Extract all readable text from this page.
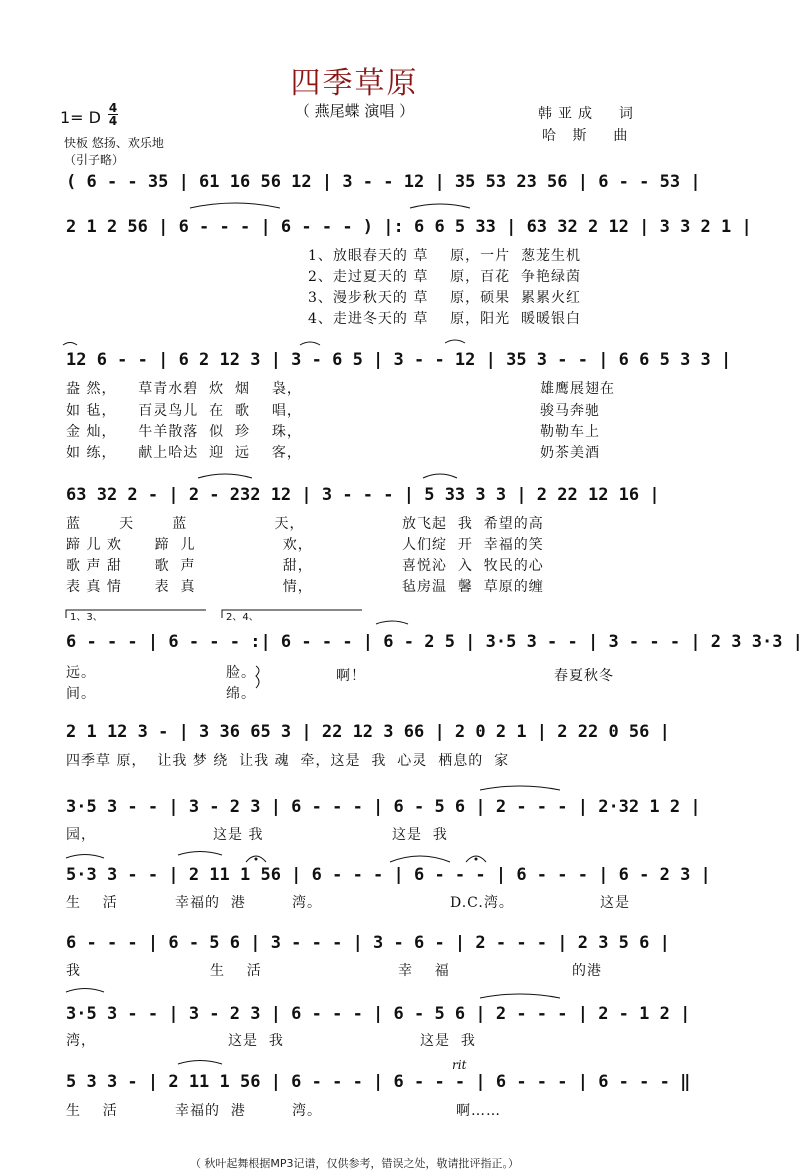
四季草原
（ 燕尾蝶 演唱 ）	韩亚成  词
哈 斯  曲
1= D 4
4
快板 悠扬、欢乐地
（引子略）
( 6 - - 35 | 61 16 56 12 | 3 - - 12 | 35 53 23 56 | 6 - - 53 |
2 1 2 56 | 6 - - - | 6 - - - ) |: 6 6 5 33 | 63 32 2 12 | 3 3 2 1 |
1、放眼春天的 草    原，一片  葱茏生机
2、走过夏天的 草    原，百花  争艳绿茵
3、漫步秋天的 草    原，硕果  累累火红
4、走进冬天的 草    原，阳光  暖暖银白
12 6 - - | 6 2 12 3 | 3 - 6 5 | 3 - - 12 | 35 3 - - | 6 6 5 3 3 |
盎 然，    草青水碧  炊  烟    袅，
如 毡，    百灵鸟儿  在  歌    唱，
金 灿，    牛羊散落  似  珍    珠，
如 练，    献上哈达  迎  远    客，
雄鹰展翅在
骏马奔驰
勒勒车上
奶茶美酒
63 32 2 - | 2 - 232 12 | 3 - - - | 5 33 3 3 | 2 22 12 16 |
蓝       天       蓝                天，
蹄 儿 欢      蹄  儿                欢，
歌 声 甜      歌  声                甜，
表 真 情      表  真                情，
放飞起  我  希望的高
人们绽  开  幸福的笑
喜悦沁  入  牧民的心
毡房温  馨  草原的缠
1、3、	2、4、
6 - - - | 6 - - - :| 6 - - - | 6 - 2 5 | 3·5 3 - - | 3 - - - | 2 3 3·3 |
远。	脸。	啊！	春夏秋冬
间。	绵。
2 1 12 3 - | 3 36 65 3 | 22 12 3 66 | 2 0 2 1 | 2 22 0 56 |
四季草 原，  让我 梦 绕  让我 魂  牵，这是  我  心灵  栖息的  家
3·5 3 - - | 3 - 2 3 | 6 - - - | 6 - 5 6 | 2 - - - | 2·32 1 2 |
园，	这是 我	这是  我
5·3 3 - - | 2 11 1 56 | 6 - - - | 6 - - - | 6 - - - | 6 - 2 3 |
生    活	幸福的  港	湾。	D.C.湾。	这是
6 - - - | 6 - 5 6 | 3 - - - | 3 - 6 - | 2 - - - | 2 3 5 6 |
我	生    活	幸    福	的港
3·5 3 - - | 3 - 2 3 | 6 - - - | 6 - 5 6 | 2 - - - | 2 - 1 2 |
湾，	这是  我	这是  我
rit
5 3 3 - | 2 11 1 56 | 6 - - - | 6 - - - | 6 - - - | 6 - - - ‖
生    活	幸福的  港	湾。	啊……
（ 秋叶起舞根据MP3记谱，仅供参考，错误之处，敬请批评指正。）
